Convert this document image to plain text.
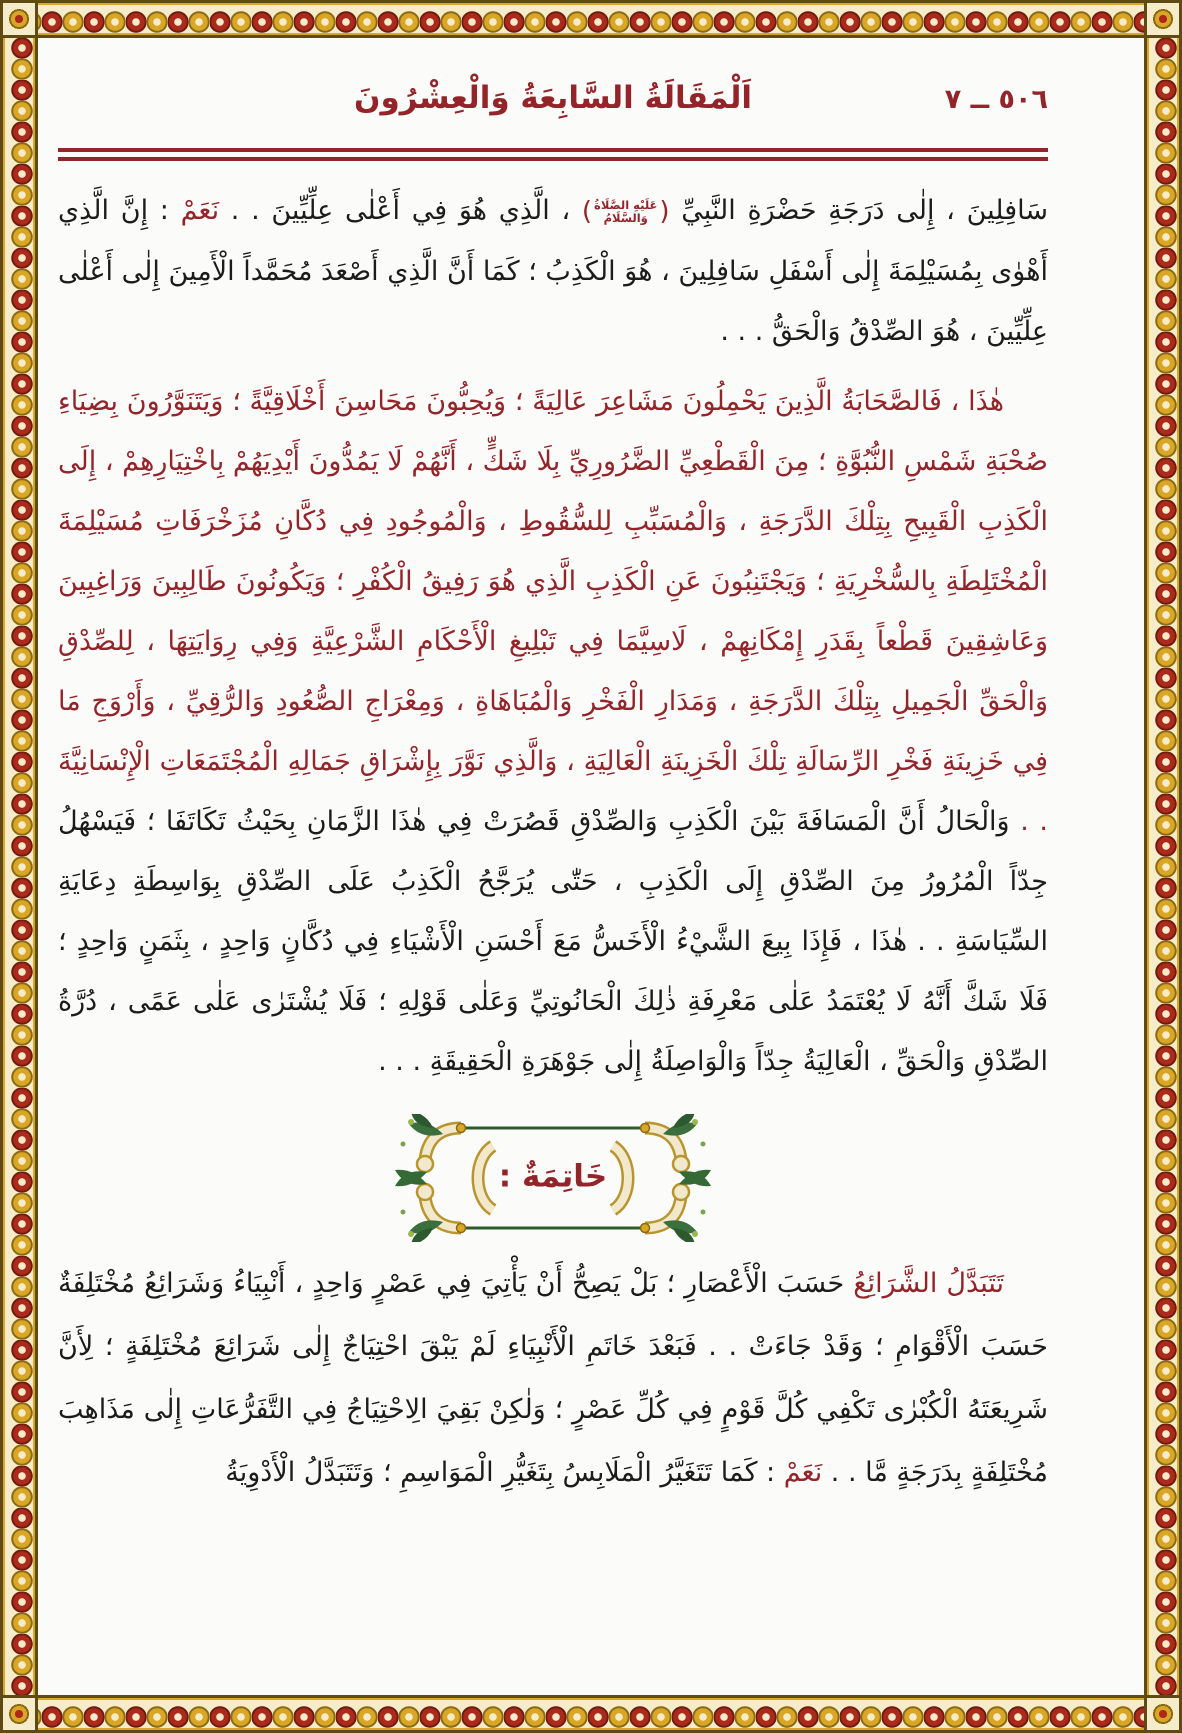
اَلْمَقَالَةُ السَّابِعَةُ وَالْعِشْرُونَ	٥٠٦ ــ ٧

سَافِلِينَ ، إِلٰى دَرَجَةِ حَضْرَةِ النَّبِيِّ (
عَلَيْهِ الصَّلَاةُ
وَالسَّلَامُ
) ، الَّذِي هُوَ فِي أَعْلٰى عِلِّيِّينَ . . نَعَمْ : إِنَّ الَّذِي أَهْوٰى بِمُسَيْلِمَةَ إِلٰى أَسْفَلِ سَافِلِينَ ، هُوَ الْكَذِبُ ؛ كَمَا أَنَّ الَّذِي أَصْعَدَ مُحَمَّداً الْأَمِينَ إِلٰى أَعْلٰى عِلِّيِّينَ ، هُوَ الصِّدْقُ وَالْحَقُّ . . .

هٰذَا ، فَالصَّحَابَةُ الَّذِينَ يَحْمِلُونَ مَشَاعِرَ عَالِيَةً ؛ وَيُحِبُّونَ مَحَاسِنَ أَخْلَاقِيَّةً ؛ وَيَتَنَوَّرُونَ بِضِيَاءِ صُحْبَةِ شَمْسِ النُّبُوَّةِ ؛ مِنَ الْقَطْعِيِّ الضَّرُورِيِّ بِلَا شَكٍّ ، أَنَّهُمْ لَا يَمُدُّونَ أَيْدِيَهُمْ بِاخْتِيَارِهِمْ ، إِلَى الْكَذِبِ الْقَبِيحِ بِتِلْكَ الدَّرَجَةِ ، وَالْمُسَبِّبِ لِلسُّقُوطِ ، وَالْمُوجُودِ فِي دُكَّانِ مُزَخْرَفَاتِ مُسَيْلِمَةَ الْمُخْتَلِطَةِ بِالسُّخْرِيَةِ ؛ وَيَجْتَنِبُونَ عَنِ الْكَذِبِ الَّذِي هُوَ رَفِيقُ الْكُفْرِ ؛ وَيَكُونُونَ طَالِبِينَ وَرَاغِبِينَ وَعَاشِقِينَ قَطْعاً بِقَدَرِ إِمْكَانِهِمْ ، لَاسِيَّمَا فِي تَبْلِيغِ الْأَحْكَامِ الشَّرْعِيَّةِ وَفِي رِوَايَتِهَا ، لِلصِّدْقِ وَالْحَقِّ الْجَمِيلِ بِتِلْكَ الدَّرَجَةِ ، وَمَدَارِ الْفَخْرِ وَالْمُبَاهَاةِ ، وَمِعْرَاجِ الصُّعُودِ وَالرُّقِيِّ ، وَأَرْوَجِ مَا فِي خَزِينَةِ فَخْرِ الرِّسَالَةِ تِلْكَ الْخَزِينَةِ الْعَالِيَةِ ، وَالَّذِي نَوَّرَ بِإِشْرَاقِ جَمَالِهِ الْمُجْتَمَعَاتِ الْإِنْسَانِيَّةَ . . وَالْحَالُ أَنَّ الْمَسَافَةَ بَيْنَ الْكَذِبِ وَالصِّدْقِ قَصُرَتْ فِي هٰذَا الزَّمَانِ بِحَيْثُ تَكَاتَفَا ؛ فَيَسْهُلُ جِدّاً الْمُرُورُ مِنَ الصِّدْقِ إِلَى الْكَذِبِ ، حَتّٰى يُرَجَّحُ الْكَذِبُ عَلَى الصِّدْقِ بِوَاسِطَةِ دِعَايَةِ السِّيَاسَةِ . . هٰذَا ، فَإِذَا بِيعَ الشَّيْءُ الْأَخَسُّ مَعَ أَحْسَنِ الْأَشْيَاءِ فِي دُكَّانٍ وَاحِدٍ ، بِثَمَنٍ وَاحِدٍ ؛ فَلَا شَكَّ أَنَّهُ لَا يُعْتَمَدُ عَلٰى مَعْرِفَةِ ذٰلِكَ الْحَانُوتِيِّ وَعَلٰى قَوْلِهِ ؛ فَلَا يُشْتَرٰى عَلٰى عَمًى ، دُرَّةُ الصِّدْقِ وَالْحَقِّ ، الْعَالِيَةُ جِدّاً وَالْوَاصِلَةُ إِلٰى جَوْهَرَةِ الْحَقِيقَةِ . . .

خَاتِمَةٌ :

تَتَبَدَّلُ الشَّرَائِعُ حَسَبَ الْأَعْصَارِ ؛ بَلْ يَصِحُّ أَنْ يَأْتِيَ فِي عَصْرٍ وَاحِدٍ ، أَنْبِيَاءُ وَشَرَائِعُ مُخْتَلِفَةٌ حَسَبَ الْأَقْوَامِ ؛ وَقَدْ جَاءَتْ . . فَبَعْدَ خَاتَمِ الْأَنْبِيَاءِ لَمْ يَبْقَ احْتِيَاجٌ إِلٰى شَرَائِعَ مُخْتَلِفَةٍ ؛ لِأَنَّ شَرِيعَتَهُ الْكُبْرٰى تَكْفِي كُلَّ قَوْمٍ فِي كُلِّ عَصْرٍ ؛ وَلٰكِنْ بَقِيَ الِاحْتِيَاجُ فِي التَّفَرُّعَاتِ إِلٰى مَذَاهِبَ مُخْتَلِفَةٍ بِدَرَجَةٍ مَّا . . نَعَمْ : كَمَا تَتَغَيَّرُ الْمَلَابِسُ بِتَغَيُّرِ الْمَوَاسِمِ ؛ وَتَتَبَدَّلُ الْأَدْوِيَةُ
